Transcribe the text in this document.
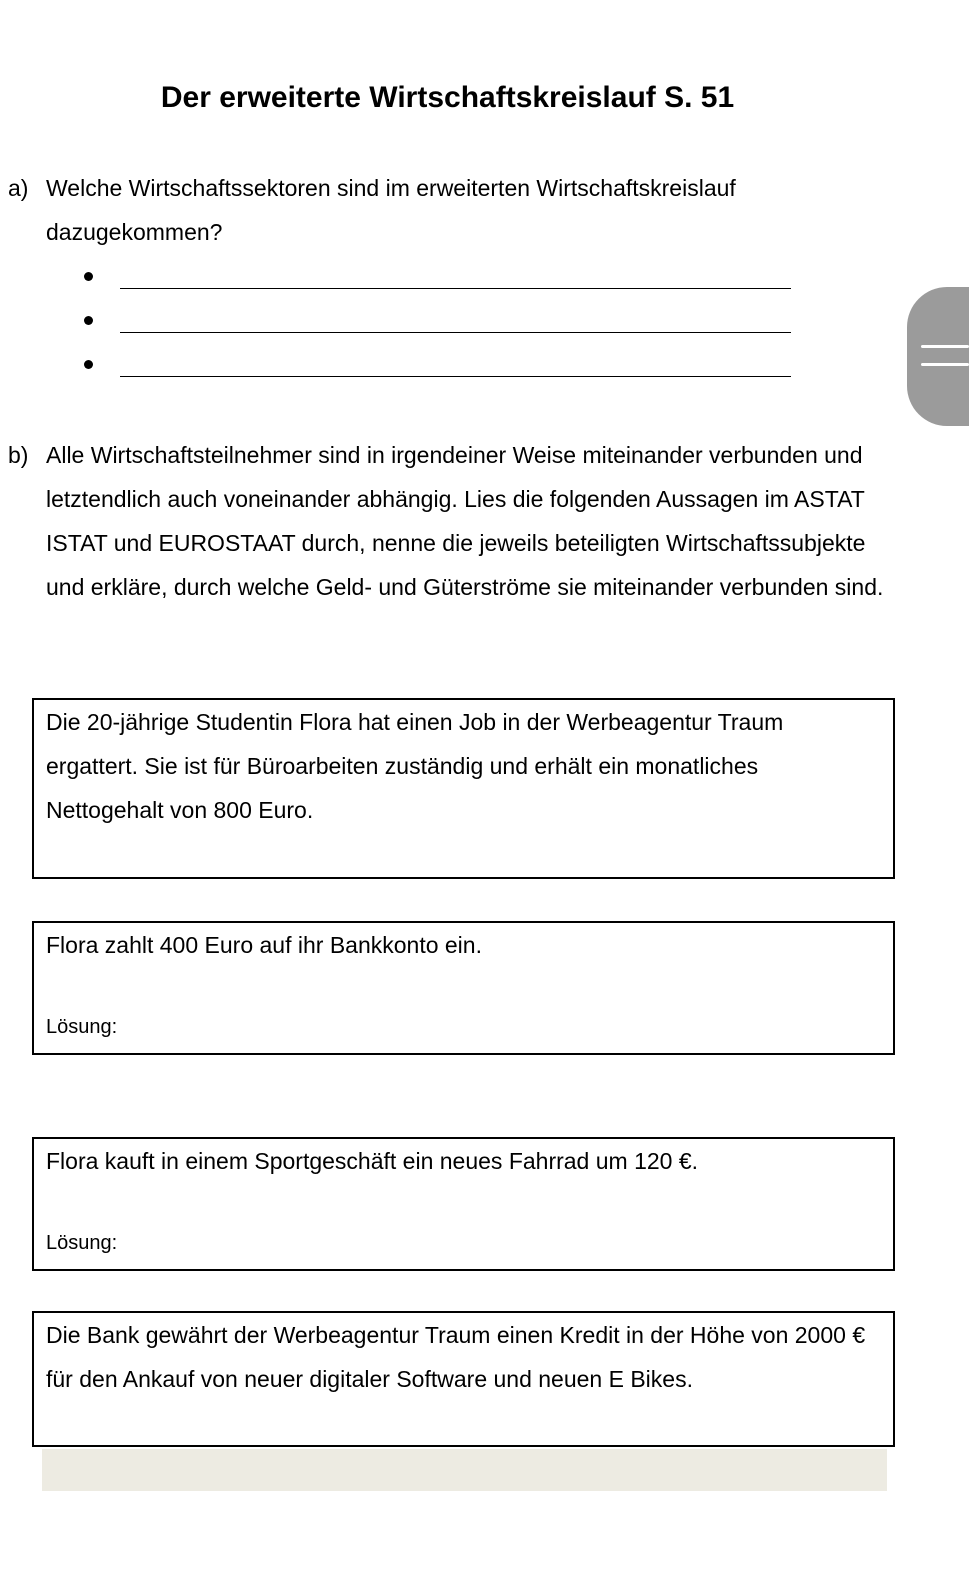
Der erweiterte Wirtschaftskreislauf S. 51
a) Welche Wirtschaftssektoren sind im erweiterten Wirtschaftskreislauf dazugekommen?
b) Alle Wirtschaftsteilnehmer sind in irgendeiner Weise miteinander verbunden und letztendlich auch voneinander abhängig. Lies die folgenden Aussagen im ASTAT ISTAT und EUROSTAAT durch, nenne die jeweils beteiligten Wirtschaftssubjekte und erkläre, durch welche Geld- und Güterströme sie miteinander verbunden sind.
Die 20-jährige Studentin Flora hat einen Job in der Werbeagentur Traum ergattert. Sie ist für Büroarbeiten zuständig und erhält ein monatliches Nettogehalt von 800 Euro.
Flora zahlt 400 Euro auf ihr Bankkonto ein.
Lösung:
Flora kauft in einem Sportgeschäft ein neues Fahrrad um 120 €.
Lösung:
Die Bank gewährt der Werbeagentur Traum einen Kredit in der Höhe von 2000 € für den Ankauf von neuer digitaler Software und neuen E Bikes.
